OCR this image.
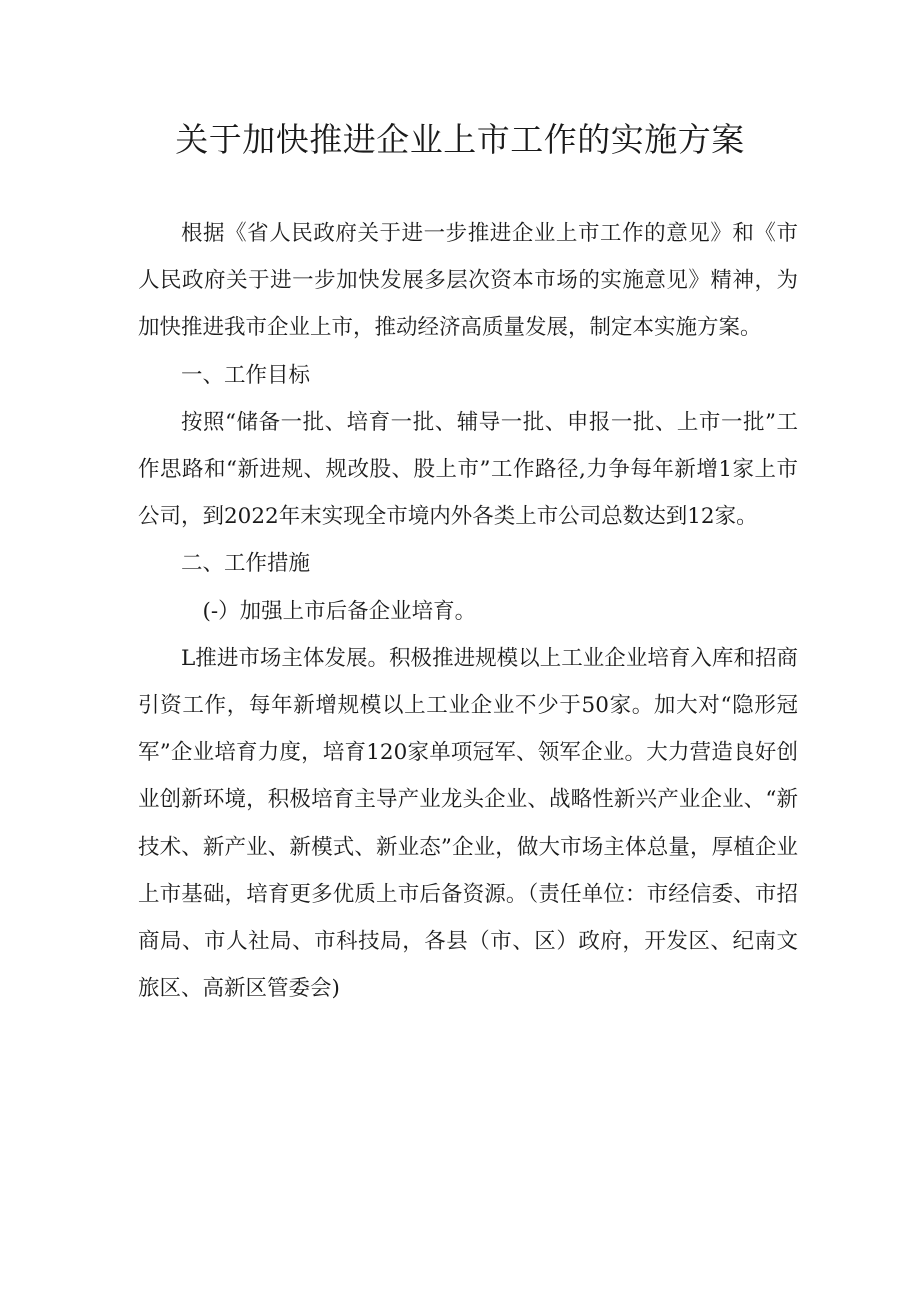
关于加快推进企业上市工作的实施方案

根据《省人民政府关于进一步推进企业上市工作的意见》和《市人民政府关于进一步加快发展多层次资本市场的实施意见》精神，为加快推进我市企业上市，推动经济高质量发展，制定本实施方案。

一、工作目标

按照“储备一批、培育一批、辅导一批、申报一批、上市一批”工作思路和“新进规、规改股、股上市”工作路径,力争每年新增1家上市公司，到2022年末实现全市境内外各类上市公司总数达到12家。

二、工作措施

(-）加强上市后备企业培育。

L推进市场主体发展。积极推进规模以上工业企业培育入库和招商引资工作，每年新增规模以上工业企业不少于50家。加大对“隐形冠军”企业培育力度，培育120家单项冠军、领军企业。大力营造良好创业创新环境，积极培育主导产业龙头企业、战略性新兴产业企业、“新技术、新产业、新模式、新业态”企业，做大市场主体总量，厚植企业上市基础，培育更多优质上市后备资源。（责任单位：市经信委、市招商局、市人社局、市科技局，各县（市、区）政府，开发区、纪南文旅区、高新区管委会)
